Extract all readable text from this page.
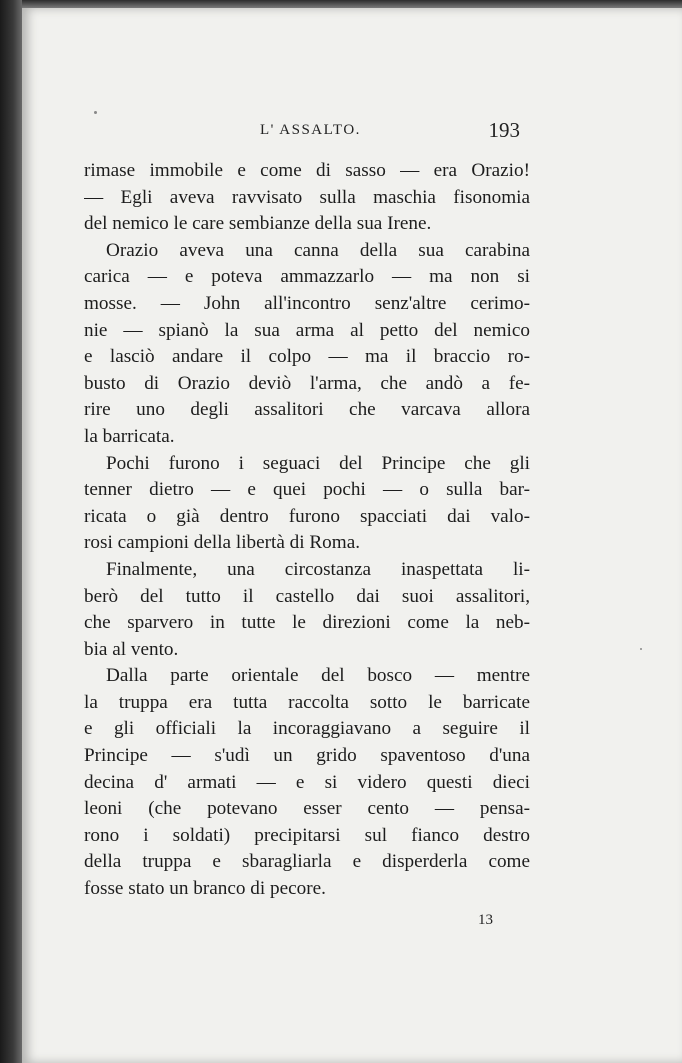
L' ASSALTO.	193
rimase immobile e come di sasso — era Orazio!
— Egli aveva ravvisato sulla maschia fisonomia
del nemico le care sembianze della sua Irene.
Orazio aveva una canna della sua carabina
carica — e poteva ammazzarlo — ma non si
mosse. — John all'incontro senz'altre cerimo-
nie — spianò la sua arma al petto del nemico
e lasciò andare il colpo — ma il braccio ro-
busto di Orazio deviò l'arma, che andò a fe-
rire uno degli assalitori che varcava allora
la barricata.
Pochi furono i seguaci del Principe che gli
tenner dietro — e quei pochi — o sulla bar-
ricata o già dentro furono spacciati dai valo-
rosi campioni della libertà di Roma.
Finalmente, una circostanza inaspettata li-
berò del tutto il castello dai suoi assalitori,
che sparvero in tutte le direzioni come la neb-
bia al vento.
Dalla parte orientale del bosco — mentre
la truppa era tutta raccolta sotto le barricate
e gli officiali la incoraggiavano a seguire il
Principe — s'udì un grido spaventoso d'una
decina d' armati — e si videro questi dieci
leoni (che potevano esser cento — pensa-
rono i soldati) precipitarsi sul fianco destro
della truppa e sbaragliarla e disperderla come
fosse stato un branco di pecore.
13
